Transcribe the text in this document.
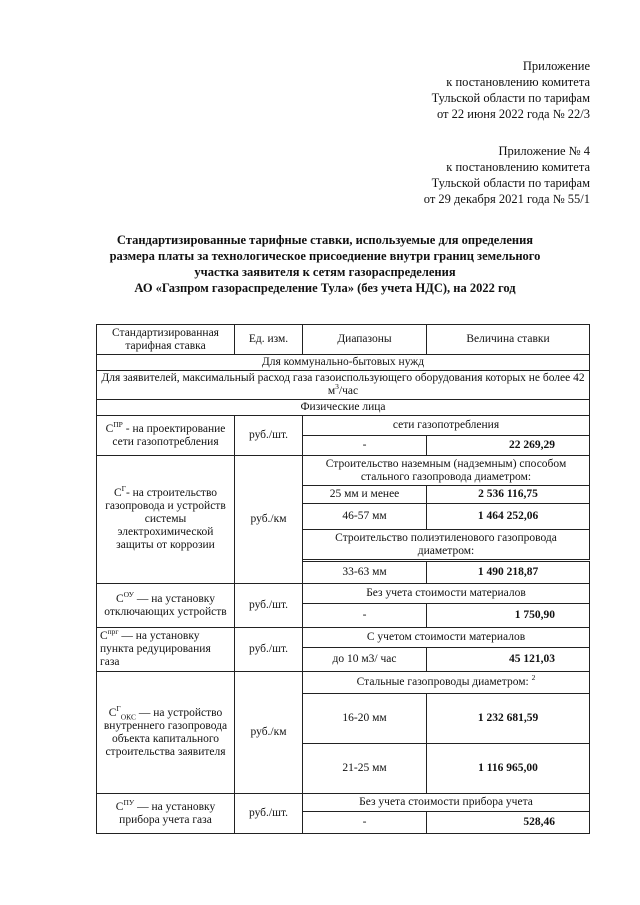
Приложение
к постановлению комитета
Тульской области по тарифам
от 22 июня 2022 года № 22/3
Приложение № 4
к постановлению комитета
Тульской области по тарифам
от 29 декабря 2021 года № 55/1
Стандартизированные тарифные ставки, используемые для определения
размера платы за технологическое присоедиение внутри границ земельного
участка заявителя к сетям газораспределения
АО «Газпром газораспределение Тула» (без учета НДС), на 2022 год
Стандартизированная тарифная ставка	Ед. изм.	Диапазоны	Величина ставки
Для коммунально-бытовых нужд			
Для заявителей, максимальный расход газа газоиспользующего оборудования которых не более 42 $м^3$/час			
Физические лица			
$C^{ПР}$ - на проектирование сети газопотребления	руб./шт.	сети газопотребления	
		-	22 269,29
$C^Г-$ на строительство газопровода и устройств системы электрохимической защиты от коррозии	руб./км	Строительство наземным (надземным) способом стального газопровода диаметром:	
		25 мм и менее	2 536 116,75
		46-57 мм	1 464 252,06
		Строительство полиэтиленового газопровода диаметром:	

		33-63 мм	1 490 218,87
$C^{ОУ}$ — на установку отключающих устройств	руб./шт.	Без учета стоимости материалов	
		-	1 750,90
$C^{прг}$ — на установку пункта редуцирования газа	руб./шт.	С учетом стоимости материалов	
		до 10 м3/ час	45 121,03
$C^Г_{ОКС}$ — на устройство внутреннего газопровода объекта капитального строительства заявителя	руб./км	Стальные газопроводы диаметром: $^2$
		16-20 мм	1 232 681,59
		21-25 мм	1 116 965,00
$C^{ПУ}$ — на установку прибора учета газа	руб./шт.	Без учета стоимости прибора учета	
		-	528,46
